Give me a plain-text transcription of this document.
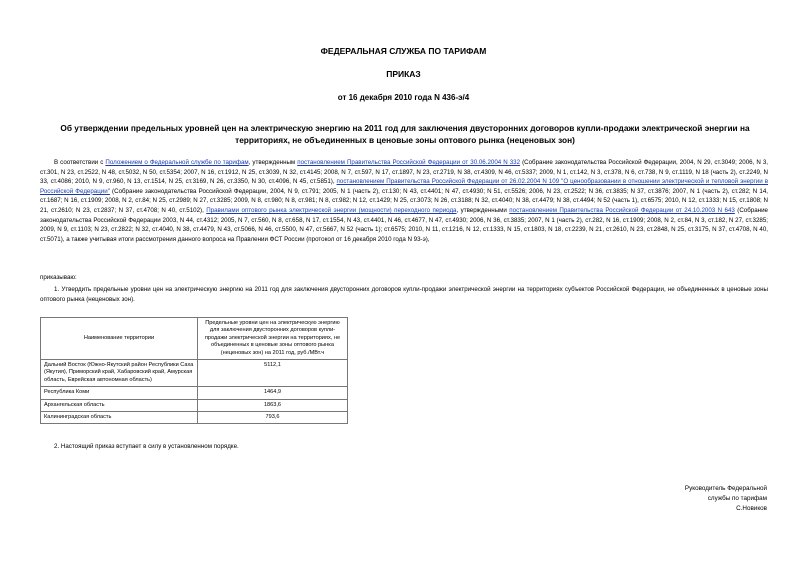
ФЕДЕРАЛЬНАЯ СЛУЖБА ПО ТАРИФАМ
ПРИКАЗ
от 16 декабря 2010 года N 436-э/4
Об утверждении предельных уровней цен на электрическую энергию на 2011 год для заключения двусторонних договоров купли-продажи электрической энергии на территориях, не объединенных в ценовые зоны оптового рынка (неценовых зон)
В соответствии с Положением о Федеральной службе по тарифам, утвержденным постановлением Правительства Российской Федерации от 30.06.2004 N 332 (Собрание законодательства Российской Федерации, 2004, N 29, ст.3049; 2006, N 3, ст.301, N 23, ст.2522, N 48, ст.5032, N 50, ст.5354; 2007, N 16, ст.1912, N 25, ст.3039, N 32, ст.4145; 2008, N 7, ст.597, N 17, ст.1897, N 23, ст.2719, N 38, ст.4309, N 46, ст.5337; 2009, N 1, ст.142, N 3, ст.378, N 6, ст.738, N 9, ст.1119, N 18 (часть 2), ст.2249, N 33, ст.4086; 2010, N 9, ст.960, N 13, ст.1514, N 25, ст.3169, N 26, ст.3350, N 30, ст.4096, N 45, ст.5851), постановлением Правительства Российской Федерации от 26.02.2004 N 109 "О ценообразовании в отношении электрической и тепловой энергии в Российской Федерации" (Собрание законодательства Российской Федерации, 2004, N 9, ст.791; 2005, N 1 (часть 2), ст.130; N 43, ст.4401; N 47, ст.4930; N 51, ст.5526; 2006, N 23, ст.2522; N 36, ст.3835; N 37, ст.3876; 2007, N 1 (часть 2), ст.282; N 14, ст.1687; N 16, ст.1909; 2008, N 2, ст.84; N 25, ст.2989; N 27, ст.3285; 2009, N 8, ст.980; N 8, ст.981; N 8, ст.982; N 12, ст.1429; N 25, ст.3073; N 26, ст.3188; N 32, ст.4040; N 38, ст.4479; N 38, ст.4494; N 52 (часть 1), ст.6575; 2010, N 12, ст.1333; N 15, ст.1808; N 21, ст.2610; N 23, ст.2837; N 37, ст.4708; N 40, ст.5102), Правилами оптового рынка электрической энергии (мощности) переходного периода, утвержденными постановлением Правительства Российской Федерации от 24.10.2003 N 643 (Собрание законодательства Российской Федерации 2003, N 44, ст.4312; 2005, N 7, ст.560, N 8, ст.658, N 17, ст.1554, N 43, ст.4401, N 46, ст.4677, N 47, ст.4930; 2006, N 36, ст.3835; 2007, N 1 (часть 2), ст.282, N 16, ст.1909; 2008, N 2, ст.84, N 3, ст.182, N 27, ст.3285; 2009, N 9, ст.1103; N 23, ст.2822; N 32, ст.4040, N 38, ст.4479, N 43, ст.5066, N 46, ст.5500, N 47, ст.5667, N 52 (часть 1); ст.6575; 2010, N 11, ст.1216, N 12, ст.1333, N 15, ст.1803, N 18, ст.2239, N 21, ст.2610, N 23, ст.2848, N 25, ст.3175, N 37, ст.4708, N 40, ст.5071), а также учитывая итоги рассмотрения данного вопроса на Правлении ФСТ России (протокол от 16 декабря 2010 года N 93-э),
приказываю:
1. Утвердить предельные уровни цен на электрическую энергию на 2011 год для заключения двусторонних договоров купли-продажи электрической энергии на территориях субъектов Российской Федерации, не объединенных в ценовые зоны оптового рынка (неценовых зон).
Наименование территории	Предельные уровни цен на электрическую энергию для заключения двусторонних договоров купли-продажи электрической энергии на территориях, не объединенных в ценовые зоны оптового рынка (неценовых зон) на 2011 год, руб./МВт.ч
Дальний Восток (Южно-Якутский район Республики Саха (Якутия), Приморский край, Хабаровский край, Амурская область, Еврейская автономная область)	5112,1
Республика Коми	1464,9
Архангельская область	1863,6
Калининградская область	793,6
2. Настоящий приказ вступает в силу в установленном порядке.
Руководитель Федеральной
службы по тарифам
С.Новиков
